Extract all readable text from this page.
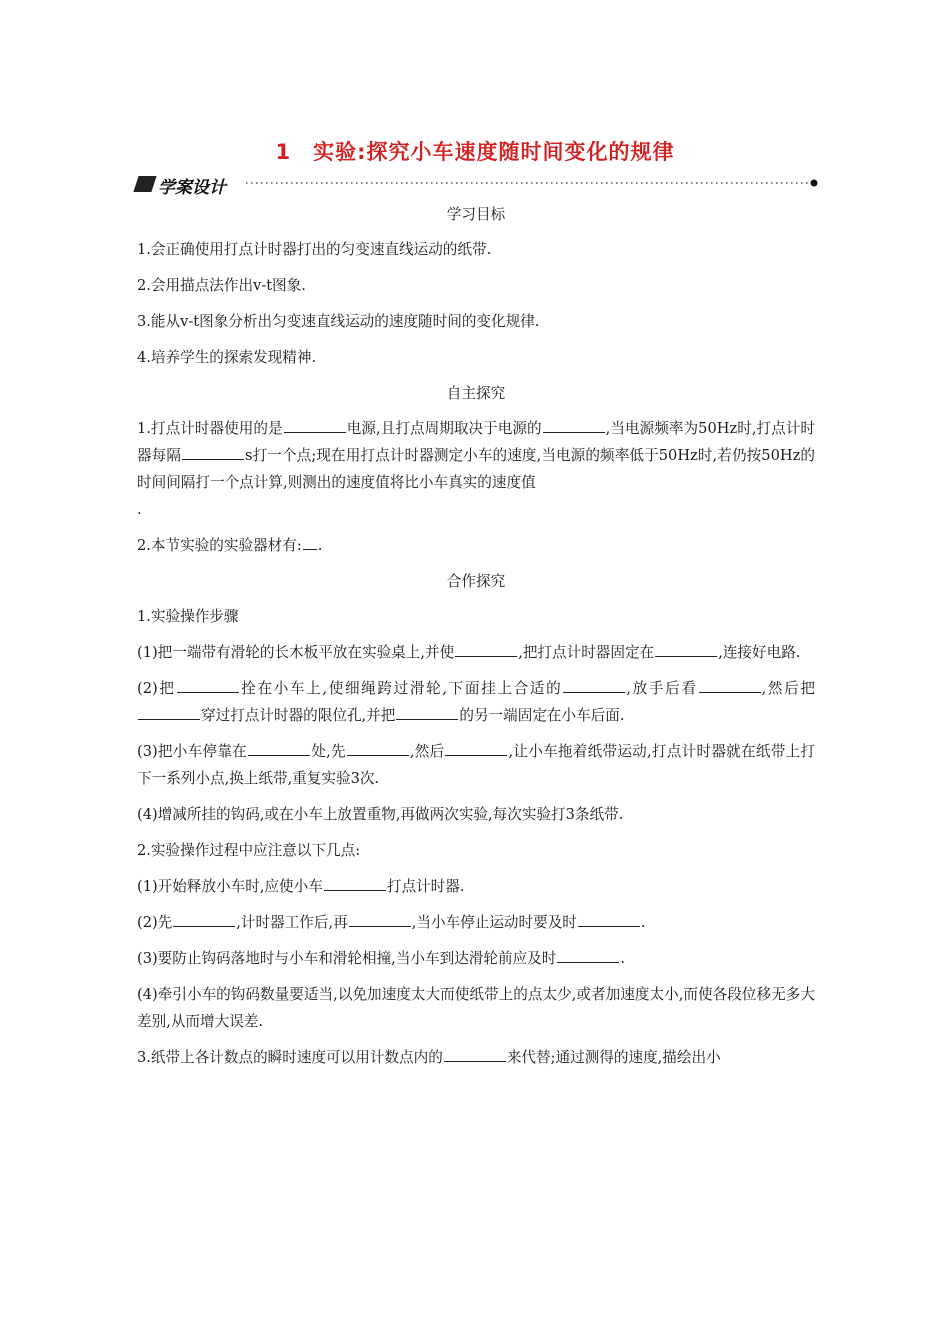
1　实验:探究小车速度随时间变化的规律
学案设计
学习目标
1.会正确使用打点计时器打出的匀变速直线运动的纸带.
2.会用描点法作出v-t图象.
3.能从v-t图象分析出匀变速直线运动的速度随时间的变化规律.
4.培养学生的探索发现精神.
自主探究
1.打点计时器使用的是	电源,且打点周期取决于电源的	,当电源频率为50Hz时,打点计时器每隔	s打一个点;现在用打点计时器测定小车的速度,当电源的频率低于50Hz时,若仍按50Hz的时间间隔打一个点计算,则测出的速度值将比小车真实的速度值
.
2.本节实验的实验器材有: .
合作探究
1.实验操作步骤
(1)把一端带有滑轮的长木板平放在实验桌上,并使	,把打点计时器固定在	,连接好电路.
(2)把	拴在小车上,使细绳跨过滑轮,下面挂上合适的	,放手后看	,然后把穿过打点计时器的限位孔,并把	的另一端固定在小车后面.
(3)把小车停靠在	处,先	,然后	,让小车拖着纸带运动,打点计时器就在纸带上打下一系列小点,换上纸带,重复实验3次.
(4)增减所挂的钩码,或在小车上放置重物,再做两次实验,每次实验打3条纸带.
2.实验操作过程中应注意以下几点:
(1)开始释放小车时,应使小车	打点计时器.
(2)先	,计时器工作后,再	,当小车停止运动时要及时	.
(3)要防止钩码落地时与小车和滑轮相撞,当小车到达滑轮前应及时	.
(4)牵引小车的钩码数量要适当,以免加速度太大而使纸带上的点太少,或者加速度太小,而使各段位移无多大差别,从而增大误差.
3.纸带上各计数点的瞬时速度可以用计数点内的	来代替;通过测得的速度,描绘出小
